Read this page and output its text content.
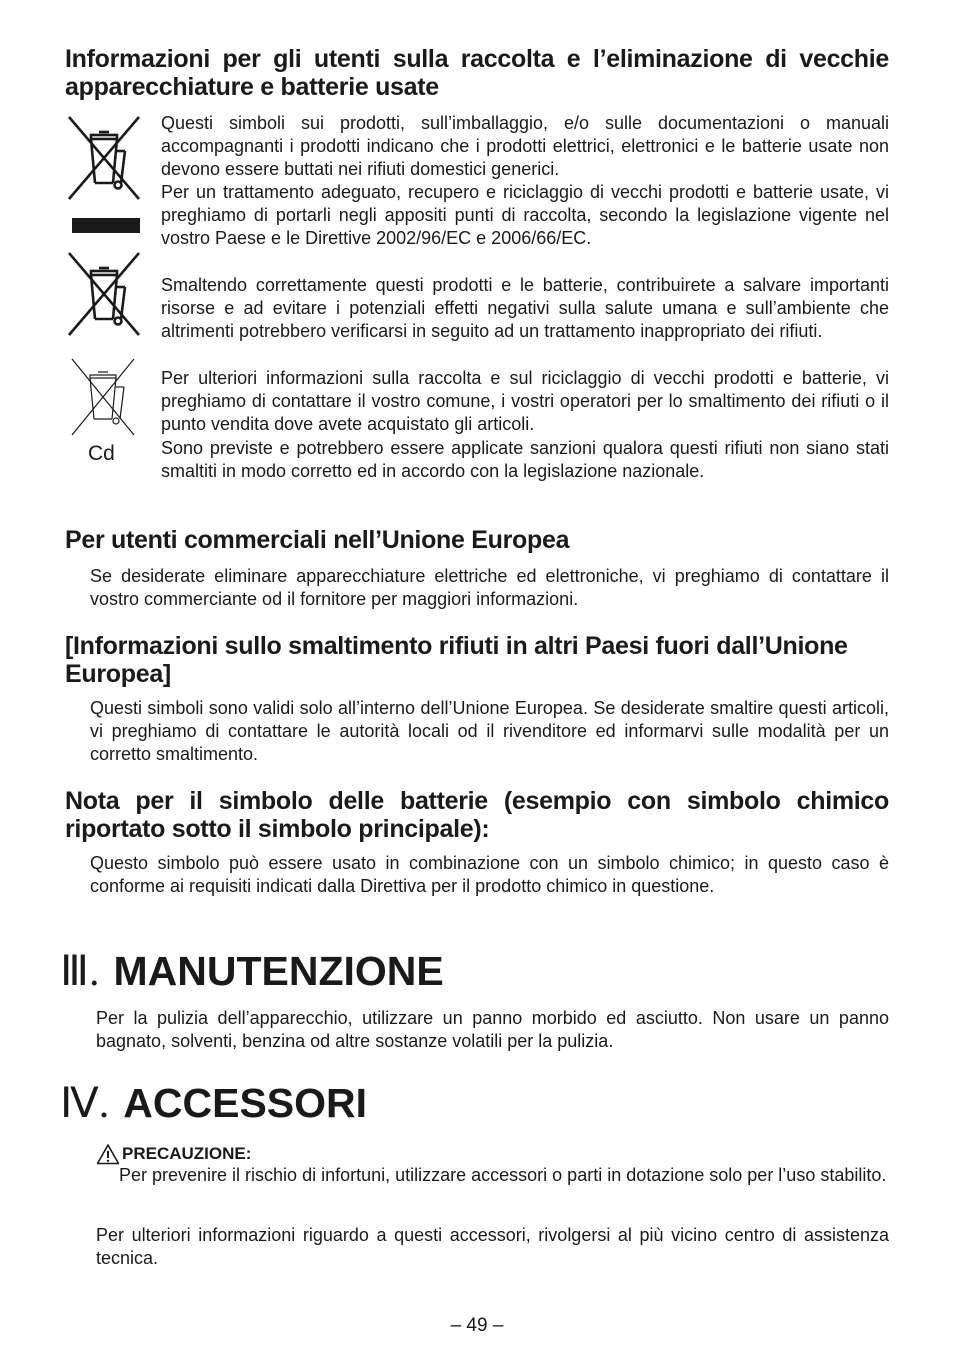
Informazioni per gli utenti sulla raccolta e l’eliminazione di vecchie apparecchiature e batterie usate
Cd

Questi simboli sui prodotti, sull’imballaggio, e/o sulle documentazioni o manuali accompagnanti i prodotti indicano che i prodotti elettrici, elettronici e le batterie usate non devono essere buttati nei rifiuti domestici generici.

Per un trattamento adeguato, recupero e riciclaggio di vecchi prodotti e batterie usate, vi preghiamo di portarli negli appositi punti di raccolta, secondo la legislazione vigente nel vostro Paese e le Direttive 2002/96/EC e 2006/66/EC.

Smaltendo correttamente questi prodotti e le batterie, contribuirete a salvare importanti risorse e ad evitare i potenziali effetti negativi sulla salute umana e sull’ambiente che altrimenti potrebbero verificarsi in seguito ad un trattamento inappropriato dei rifiuti.

Per ulteriori informazioni sulla raccolta e sul riciclaggio di vecchi prodotti e batterie, vi preghiamo di contattare il vostro comune, i vostri operatori per lo smaltimento dei rifiuti o il punto vendita dove avete acquistato gli articoli.

Sono previste e potrebbero essere applicate sanzioni qualora questi rifiuti non siano stati smaltiti in modo corretto ed in accordo con la legislazione nazionale.

Per utenti commerciali nell’Unione Europea

Se desiderate eliminare apparecchiature elettriche ed elettroniche, vi preghiamo di contattare il vostro commerciante od il fornitore per maggiori informazioni.

[Informazioni sullo smaltimento rifiuti in altri Paesi fuori dall’Unione Europea]

Questi simboli sono validi solo all’interno dell’Unione Europea. Se desiderate smaltire questi articoli, vi preghiamo di contattare le autorità locali od il rivenditore ed informarvi sulle modalità per un corretto smaltimento.

Nota per il simbolo delle batterie (esempio con simbolo chimico riportato sotto il simbolo principale):

Questo simbolo può essere usato in combinazione con un simbolo chimico; in questo caso è conforme ai requisiti indicati dalla Direttiva per il prodotto chimico in questione.

Ⅲ. MANUTENZIONE

Per la pulizia dell’apparecchio, utilizzare un panno morbido ed asciutto. Non usare un panno bagnato, solventi, benzina od altre sostanze volatili per la pulizia.

Ⅳ. ACCESSORI
PRECAUZIONE:

Per prevenire il rischio di infortuni, utilizzare accessori o parti in dotazione solo per l’uso stabilito.

Per ulteriori informazioni riguardo a questi accessori, rivolgersi al più vicino centro di assistenza tecnica.

– 49 –
